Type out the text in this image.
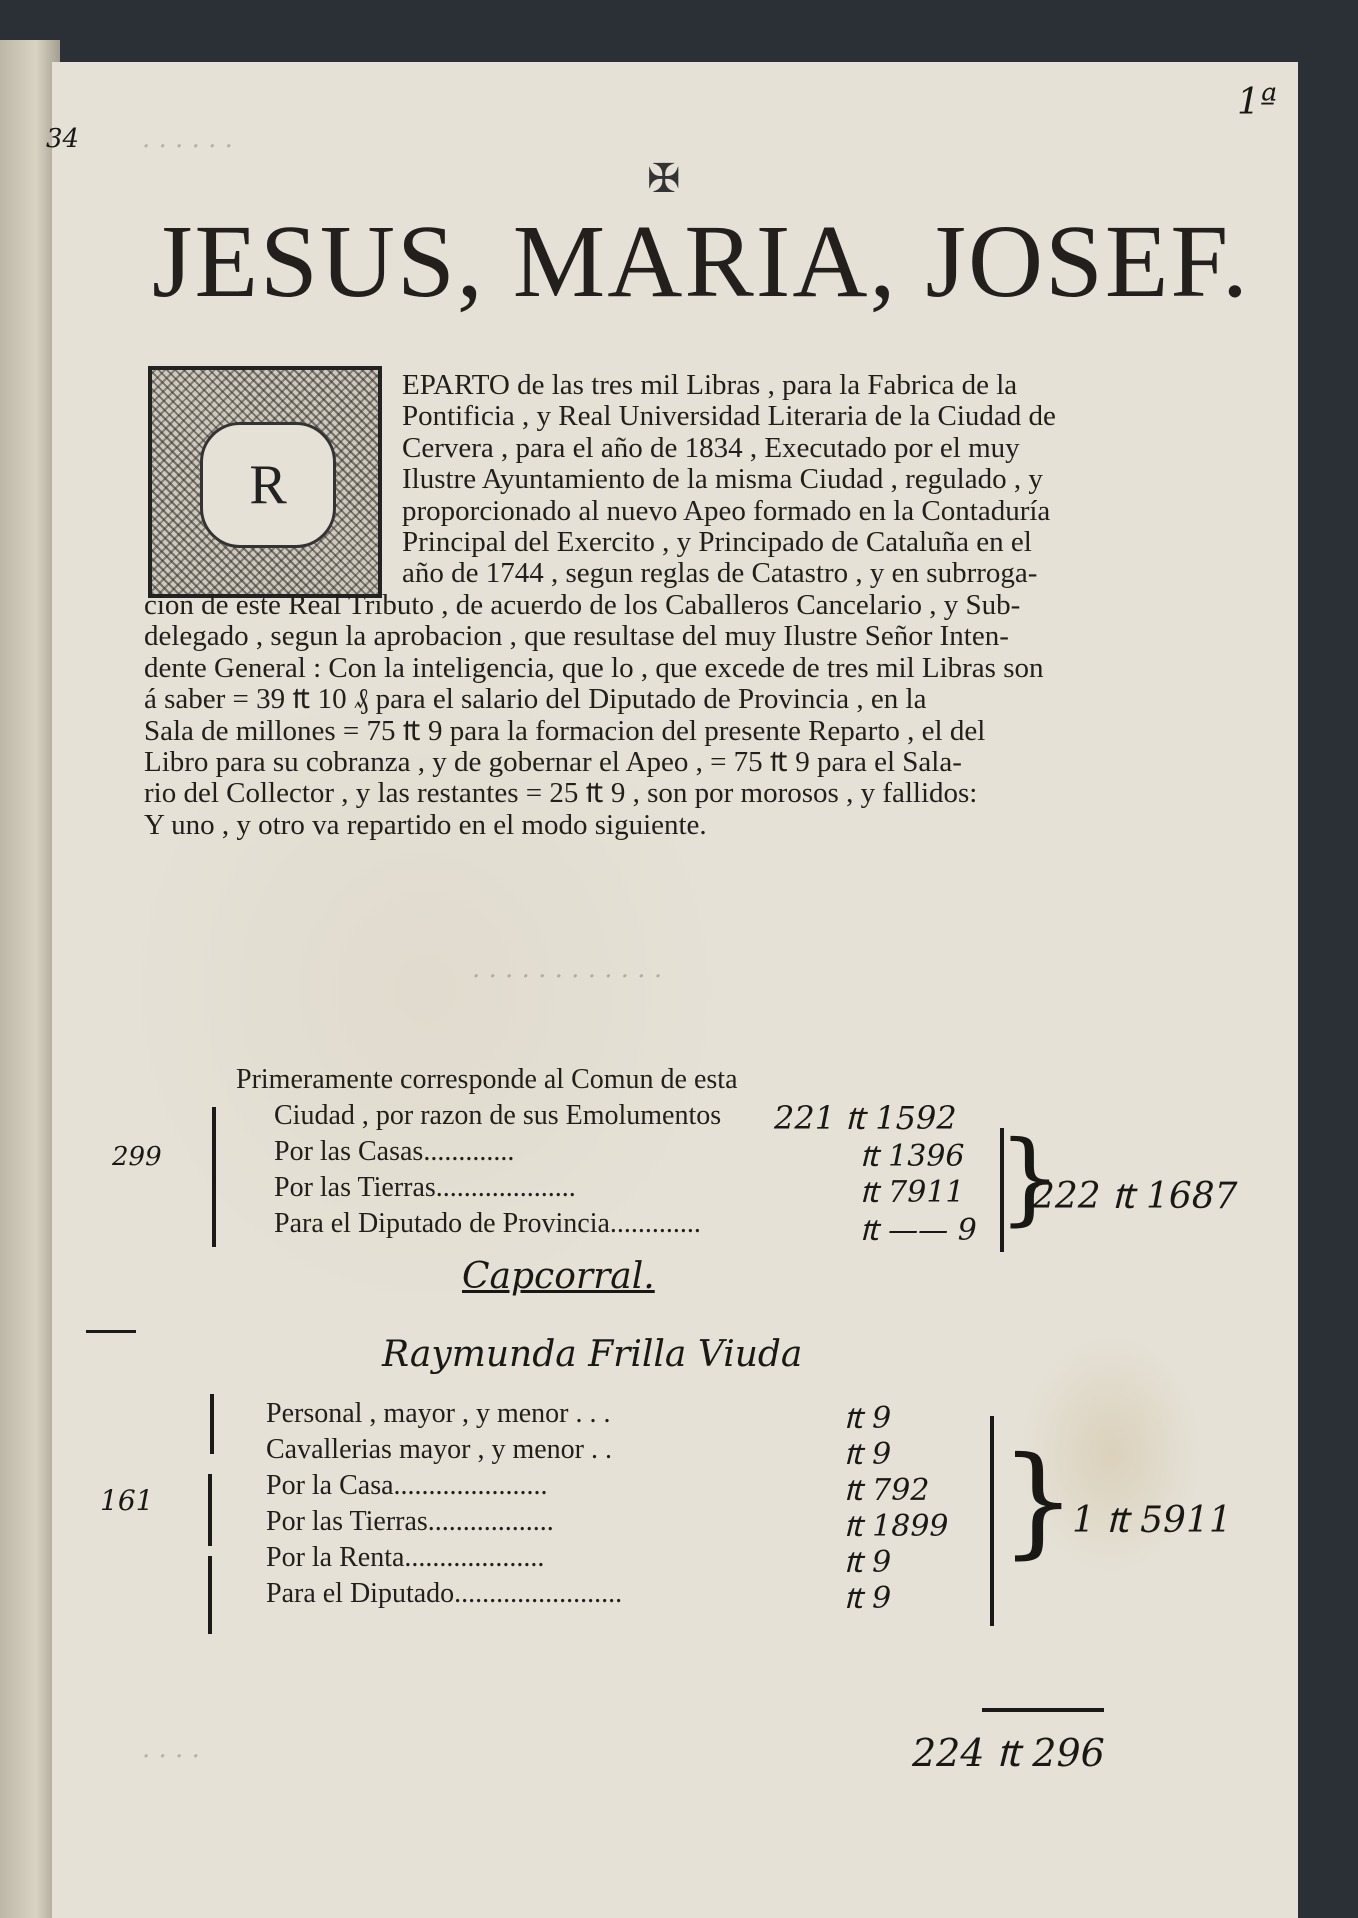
34
1ª
· · · · · ·
✠
JESUS, MARIA, JOSEF.
R
EPARTO de las tres mil Libras , para la Fabrica de la
Pontificia , y Real Universidad Literaria de la Ciudad de
Cervera , para el año de 1834 , Executado por el muy
Ilustre Ayuntamiento de la misma Ciudad , regulado , y
proporcionado al nuevo Apeo formado en la Contaduría
Principal del Exercito , y Principado de Cataluña en el
año de 1744 , segun reglas de Catastro , y en subrroga-
cion de este Real Tributo , de acuerdo de los Caballeros Cancelario , y Sub-
delegado , segun la aprobacion , que resultase del muy Ilustre Señor Inten-
dente General : Con la inteligencia, que lo , que excede de tres mil Libras son
á saber = 39 ₶ 10 ₰ para el salario del Diputado de Provincia , en la
Sala de millones = 75 ₶ 9 para la formacion del presente Reparto , el del
Libro para su cobranza , y de gobernar el Apeo , = 75 ₶ 9 para el Sala-
rio del Collector , y las restantes = 25 ₶ 9 , son por morosos , y fallidos:
Y uno , y otro va repartido en el modo siguiente.
· · · · · · · · · · · ·
Primeramente corresponde al Comun de esta
299
Ciudad , por razon de sus Emolumentos
Por las Casas.............
Por las Tierras....................
Para el Diputado de Provincia.............
221 ₶ 1592
₶ 1396
₶ 7911
₶ —— 9 }
222 ₶ 1687
Capcorral.
Raymunda Frilla Viuda
161
Personal , mayor , y menor . . .
Cavallerias mayor , y menor . .
Por la Casa......................
Por las Tierras..................
Por la Renta....................
Para el Diputado........................
₶ 9
₶ 9
₶ 792
₶ 1899
₶ 9
₶ 9
}
1 ₶ 5911
224 ₶ 296
· · · ·
